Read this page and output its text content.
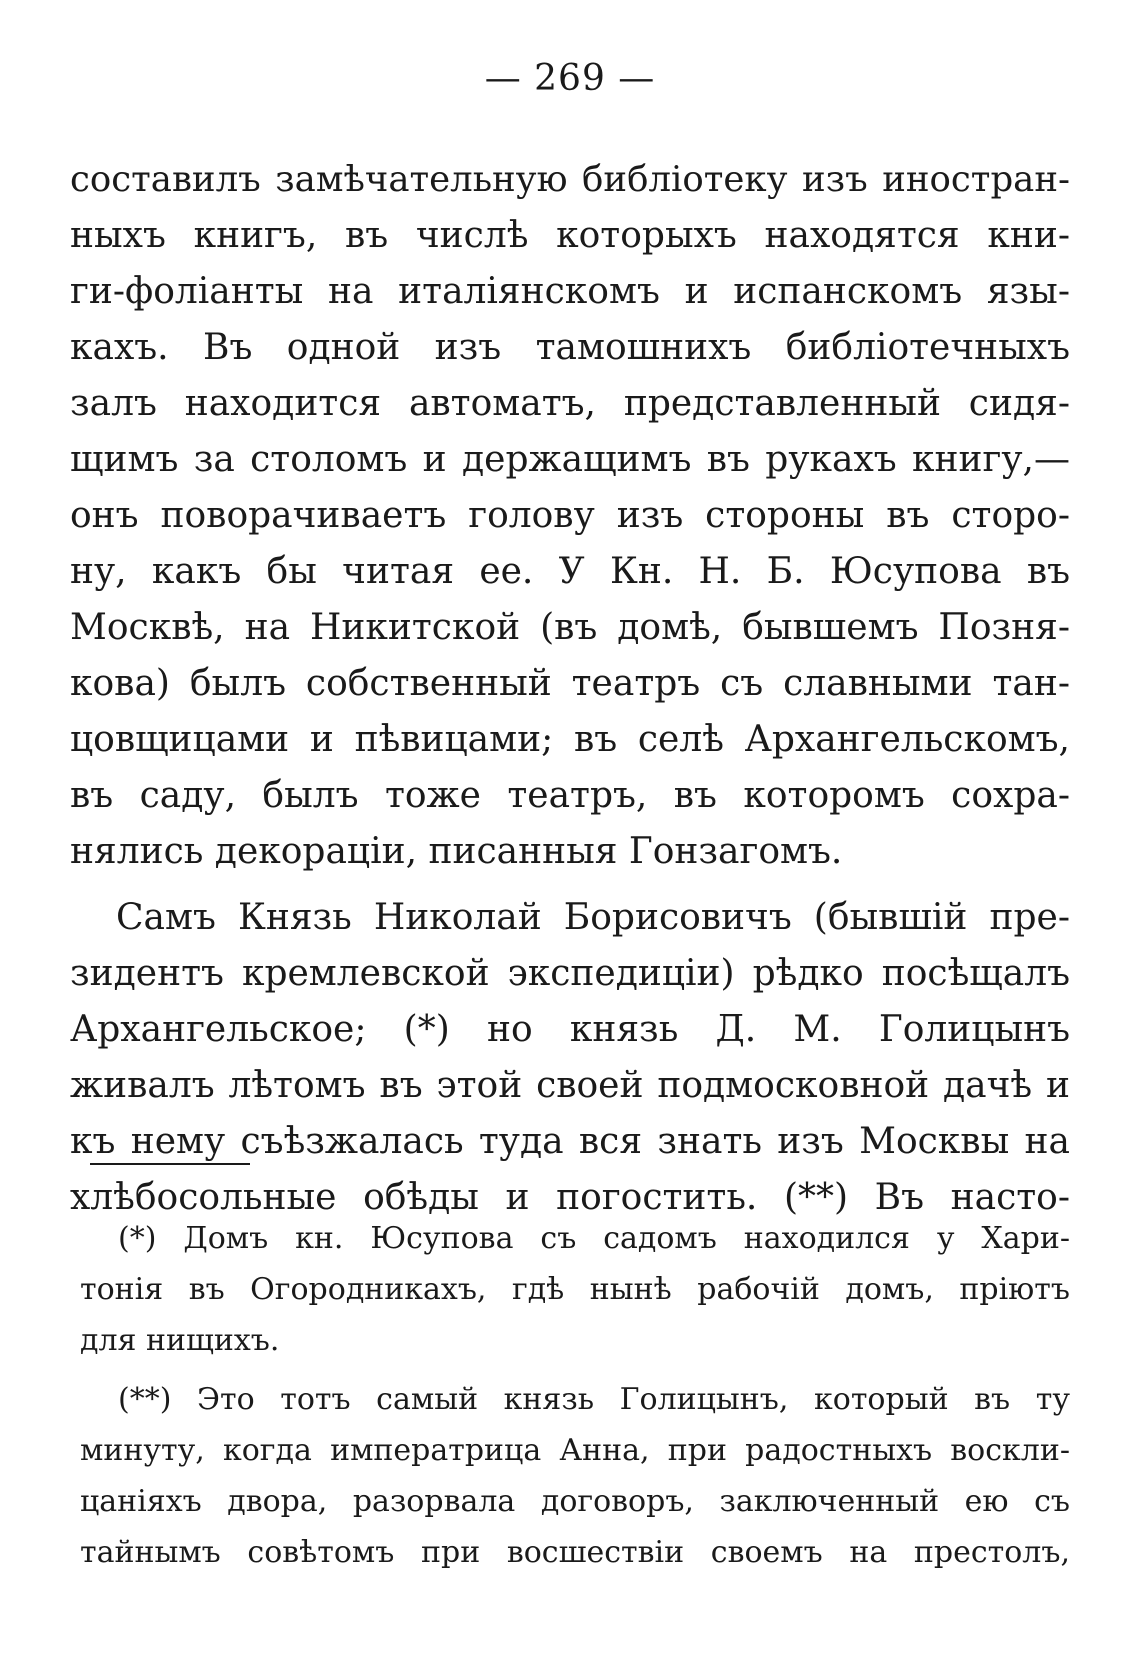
— 269 —
составилъ замѣчательную библіотеку изъ иностран-
ныхъ книгъ, въ числѣ которыхъ находятся кни-
ги-фоліанты на италіянскомъ и испанскомъ язы-
кахъ. Въ одной изъ тамошнихъ библіотечныхъ
залъ находится автоматъ, представленный сидя-
щимъ за столомъ и держащимъ въ рукахъ книгу,—
онъ поворачиваетъ голову изъ стороны въ сторо-
ну, какъ бы читая ее. У Кн. Н. Б. Юсупова въ
Москвѣ, на Никитской (въ домѣ, бывшемъ Позня-
кова) былъ собственный театръ съ славными тан-
цовщицами и пѣвицами; въ селѣ Архангельскомъ,
въ саду, былъ тоже театръ, въ которомъ сохра-
нялись декораціи, писанныя Гонзагомъ.
Самъ Князь Николай Борисовичъ (бывшій пре-
зидентъ кремлевской экспедиціи) рѣдко посѣщалъ
Архангельское; (*) но князь Д. М. Голицынъ
живалъ лѣтомъ въ этой своей подмосковной дачѣ и
къ нему съѣзжалась туда вся знать изъ Москвы на
хлѣбосольные обѣды и погостить. (**) Въ насто-
(*) Домъ кн. Юсупова съ садомъ находился у Хари-
тонія въ Огородникахъ, гдѣ нынѣ рабочій домъ, пріютъ
для нищихъ.
(**) Это тотъ самый князь Голицынъ, который въ ту
минуту, когда императрица Анна, при радостныхъ воскли-
цаніяхъ двора, разорвала договоръ, заключенный ею съ
тайнымъ совѣтомъ при восшествіи своемъ на престолъ,
